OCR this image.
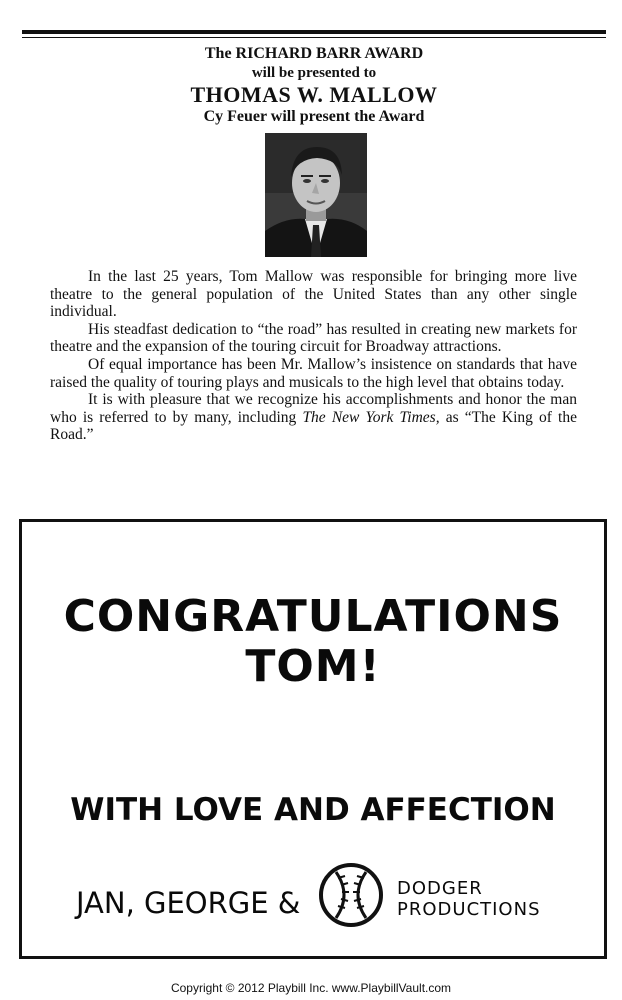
The RICHARD BARR AWARD
will be presented to
THOMAS W. MALLOW
Cy Feuer will present the Award

In the last 25 years, Tom Mallow was responsible for bringing more live theatre to the general population of the United States than any other single individual.

His steadfast dedication to “the road” has resulted in creating new markets for theatre and the expansion of the touring circuit for Broadway attractions.

Of equal importance has been Mr. Mallow’s insistence on standards that have raised the quality of touring plays and musicals to the high level that obtains today.

It is with pleasure that we recognize his accomplishments and honor the man who is referred to by many, including The New York Times, as “The King of the Road.”

CONGRATULATIONS
TOM!
WITH LOVE AND AFFECTION
JAN, GEORGE &	DODGER
PRODUCTIONS
Copyright © 2012 Playbill Inc. www.PlaybillVault.com
